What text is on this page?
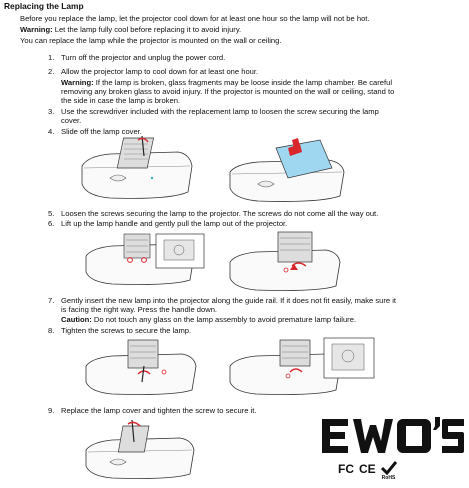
Replacing the Lamp
Before you replace the lamp, let the projector cool down for at least one hour so the lamp will not be hot.
Warning: Let the lamp fully cool before replacing it to avoid injury.
You can replace the lamp while the projector is mounted on the wall or ceiling.
1. Turn off the projector and unplug the power cord.
2. Allow the projector lamp to cool down for at least one hour.
Warning: If the lamp is broken, glass fragments may be loose inside the lamp chamber. Be careful
removing any broken glass to avoid injury. If the projector is mounted on the wall or ceiling, stand to
the side in case the lamp is broken.
3. Use the screwdriver included with the replacement lamp to loosen the screw securing the lamp
cover.
4. Slide off the lamp cover.
5. Loosen the screws securing the lamp to the projector. The screws do not come all the way out.
6. Lift up the lamp handle and gently pull the lamp out of the projector.
7. Gently insert the new lamp into the projector along the guide rail. If it does not fit easily, make sure it
is facing the right way. Press the handle down.
Caution: Do not touch any glass on the lamp assembly to avoid premature lamp failure.
8. Tighten the screws to secure the lamp.
9. Replace the lamp cover and tighten the screw to secure it.
FC CE
RoHS
